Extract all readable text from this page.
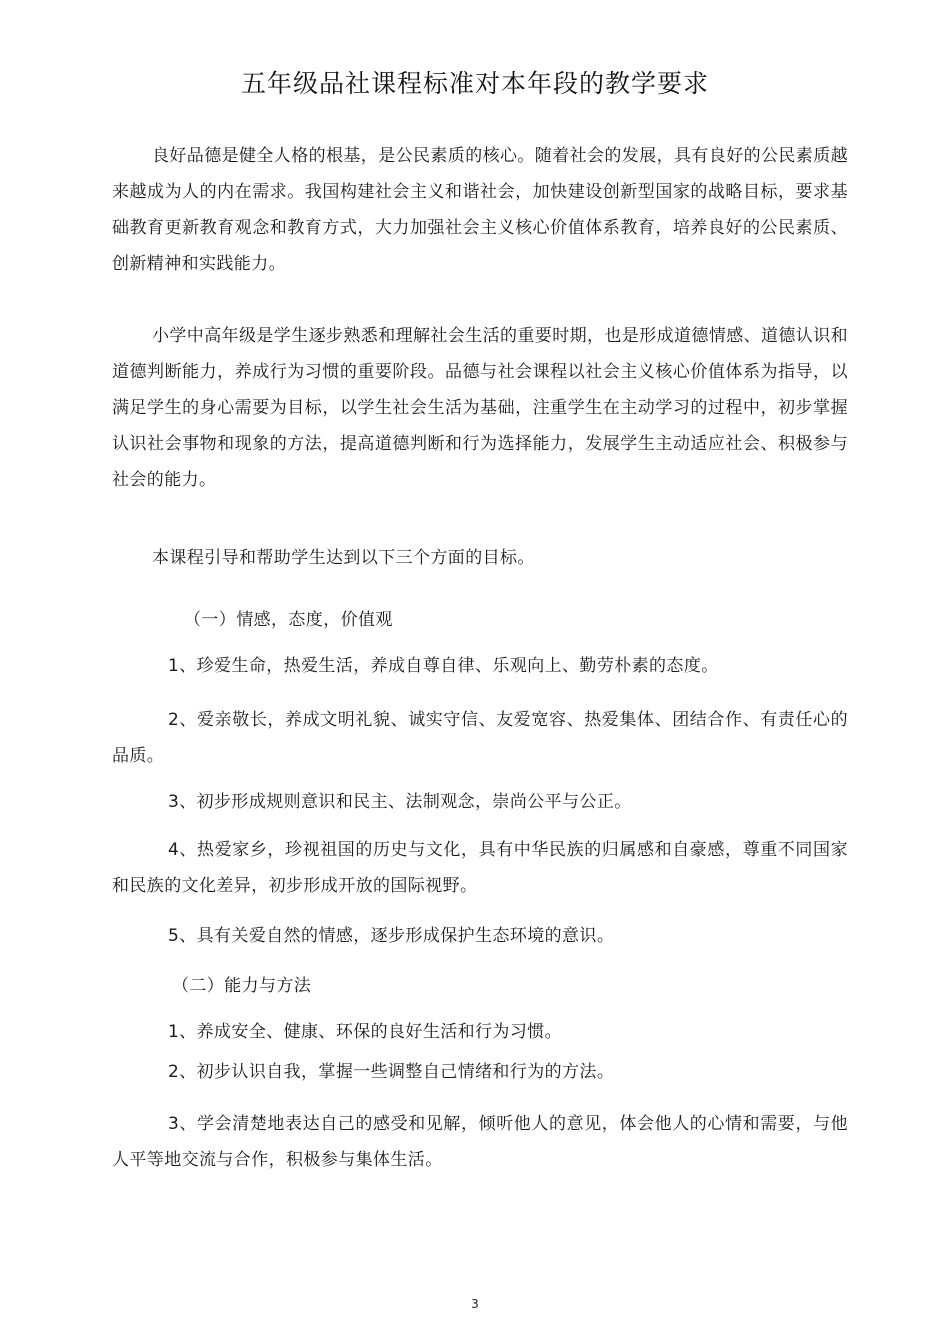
五年级品社课程标准对本年段的教学要求

良好品德是健全人格的根基，是公民素质的核心。随着社会的发展，具有良好的公民素质越来越成为人的内在需求。我国构建社会主义和谐社会，加快建设创新型国家的战略目标，要求基础教育更新教育观念和教育方式，大力加强社会主义核心价值体系教育，培养良好的公民素质、创新精神和实践能力。

小学中高年级是学生逐步熟悉和理解社会生活的重要时期，也是形成道德情感、道德认识和道德判断能力，养成行为习惯的重要阶段。品德与社会课程以社会主义核心价值体系为指导，以满足学生的身心需要为目标，以学生社会生活为基础，注重学生在主动学习的过程中，初步掌握认识社会事物和现象的方法，提高道德判断和行为选择能力，发展学生主动适应社会、积极参与社会的能力。

本课程引导和帮助学生达到以下三个方面的目标。

（一）情感，态度，价值观

1、珍爱生命，热爱生活，养成自尊自律、乐观向上、勤劳朴素的态度。

2、爱亲敬长，养成文明礼貌、诚实守信、友爱宽容、热爱集体、团结合作、有责任心的品质。

3、初步形成规则意识和民主、法制观念，崇尚公平与公正。

4、热爱家乡，珍视祖国的历史与文化，具有中华民族的归属感和自豪感，尊重不同国家和民族的文化差异，初步形成开放的国际视野。

5、具有关爱自然的情感，逐步形成保护生态环境的意识。

（二）能力与方法

1、养成安全、健康、环保的良好生活和行为习惯。

2、初步认识自我，掌握一些调整自己情绪和行为的方法。

3、学会清楚地表达自己的感受和见解，倾听他人的意见，体会他人的心情和需要，与他人平等地交流与合作，积极参与集体生活。

3
